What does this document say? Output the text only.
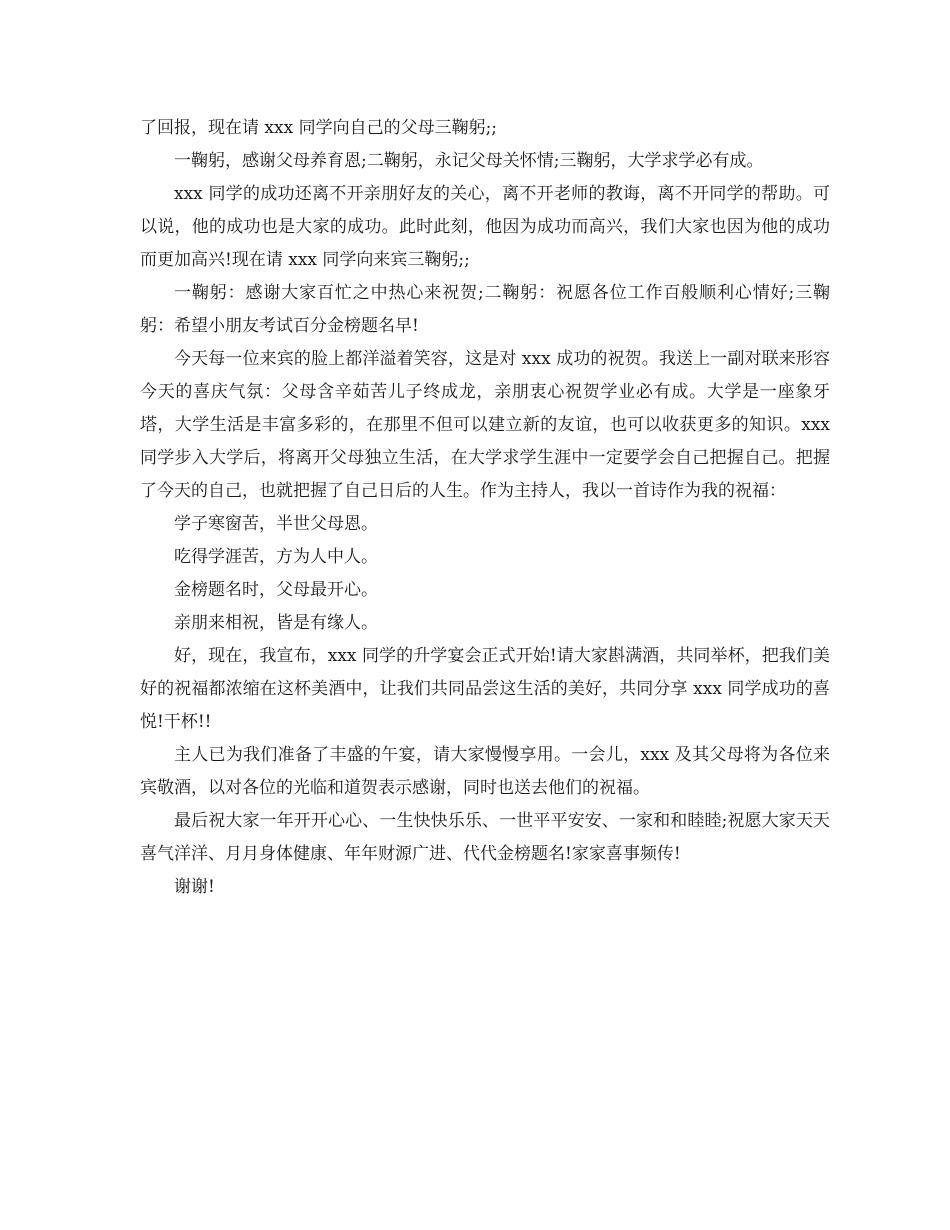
了回报，现在请 xxx 同学向自己的父母三鞠躬;;

一鞠躬，感谢父母养育恩;二鞠躬，永记父母关怀情;三鞠躬，大学求学必有成。

xxx 同学的成功还离不开亲朋好友的关心，离不开老师的教诲，离不开同学的帮助。可以说，他的成功也是大家的成功。此时此刻，他因为成功而高兴，我们大家也因为他的成功而更加高兴!现在请 xxx 同学向来宾三鞠躬;;

一鞠躬：感谢大家百忙之中热心来祝贺;二鞠躬：祝愿各位工作百般顺利心情好;三鞠躬：希望小朋友考试百分金榜题名早!

今天每一位来宾的脸上都洋溢着笑容，这是对 xxx 成功的祝贺。我送上一副对联来形容今天的喜庆气氛：父母含辛茹苦儿子终成龙，亲朋衷心祝贺学业必有成。大学是一座象牙塔，大学生活是丰富多彩的，在那里不但可以建立新的友谊，也可以收获更多的知识。xxx 同学步入大学后，将离开父母独立生活，在大学求学生涯中一定要学会自己把握自己。把握了今天的自己，也就把握了自己日后的人生。作为主持人，我以一首诗作为我的祝福：

学子寒窗苦，半世父母恩。

吃得学涯苦，方为人中人。

金榜题名时，父母最开心。

亲朋来相祝，皆是有缘人。

好，现在，我宣布，xxx 同学的升学宴会正式开始!请大家斟满酒，共同举杯，把我们美好的祝福都浓缩在这杯美酒中，让我们共同品尝这生活的美好，共同分享 xxx 同学成功的喜悦!干杯!!

主人已为我们准备了丰盛的午宴，请大家慢慢享用。一会儿，xxx 及其父母将为各位来宾敬酒，以对各位的光临和道贺表示感谢，同时也送去他们的祝福。

最后祝大家一年开开心心、一生快快乐乐、一世平平安安、一家和和睦睦;祝愿大家天天喜气洋洋、月月身体健康、年年财源广进、代代金榜题名!家家喜事频传!

谢谢!
